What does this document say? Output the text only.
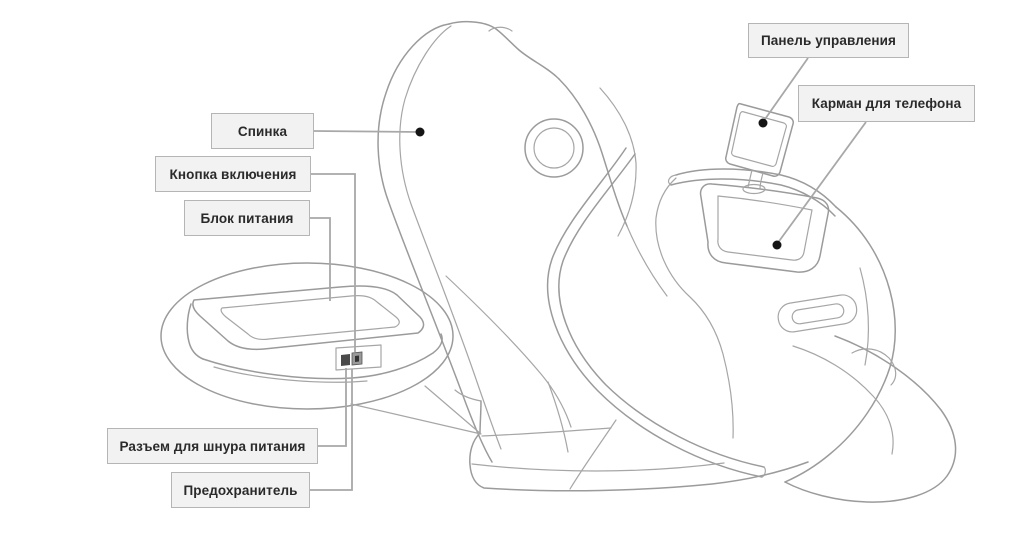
Спинка
Кнопка включения
Блок питания
Разъем для шнура питания
Предохранитель
Панель управления
Карман для телефона
